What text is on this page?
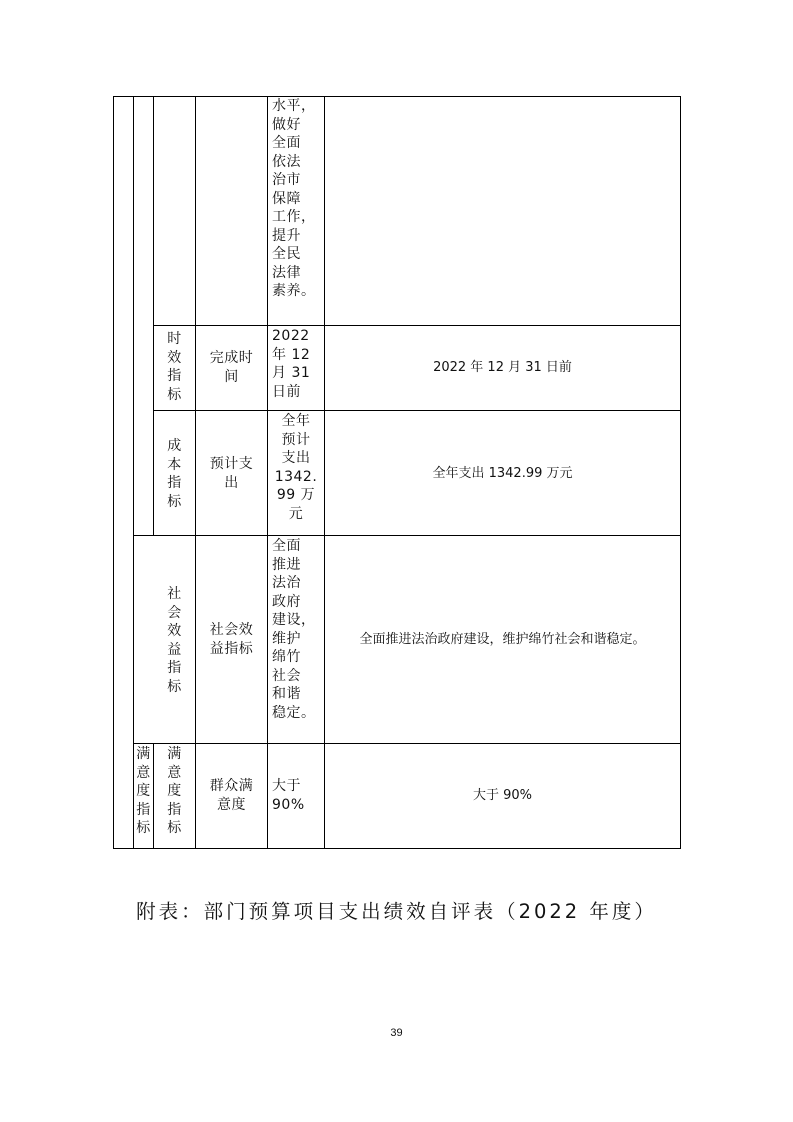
水平，
做好
全面
依法
治市
保障
工作，
提升
全民
法律
素养。
时
效
指
标
完成时
间
2022
年 12
月 31
日前
2022 年 12 月 31 日前
成
本
指
标
预计支
出
全年
预计
支出
1342.
99 万
元
全年支出 1342.99 万元
社
会
效
益
指
标
社会效
益指标
全面
推进
法治
政府
建设，
维护
绵竹
社会
和谐
稳定。
全面推进法治政府建设，维护绵竹社会和谐稳定。
满
意
度
指
标
满
意
度
指
标
群众满
意度
大于
90%
大于 90%
附表：部门预算项目支出绩效自评表（2022 年度）
39
